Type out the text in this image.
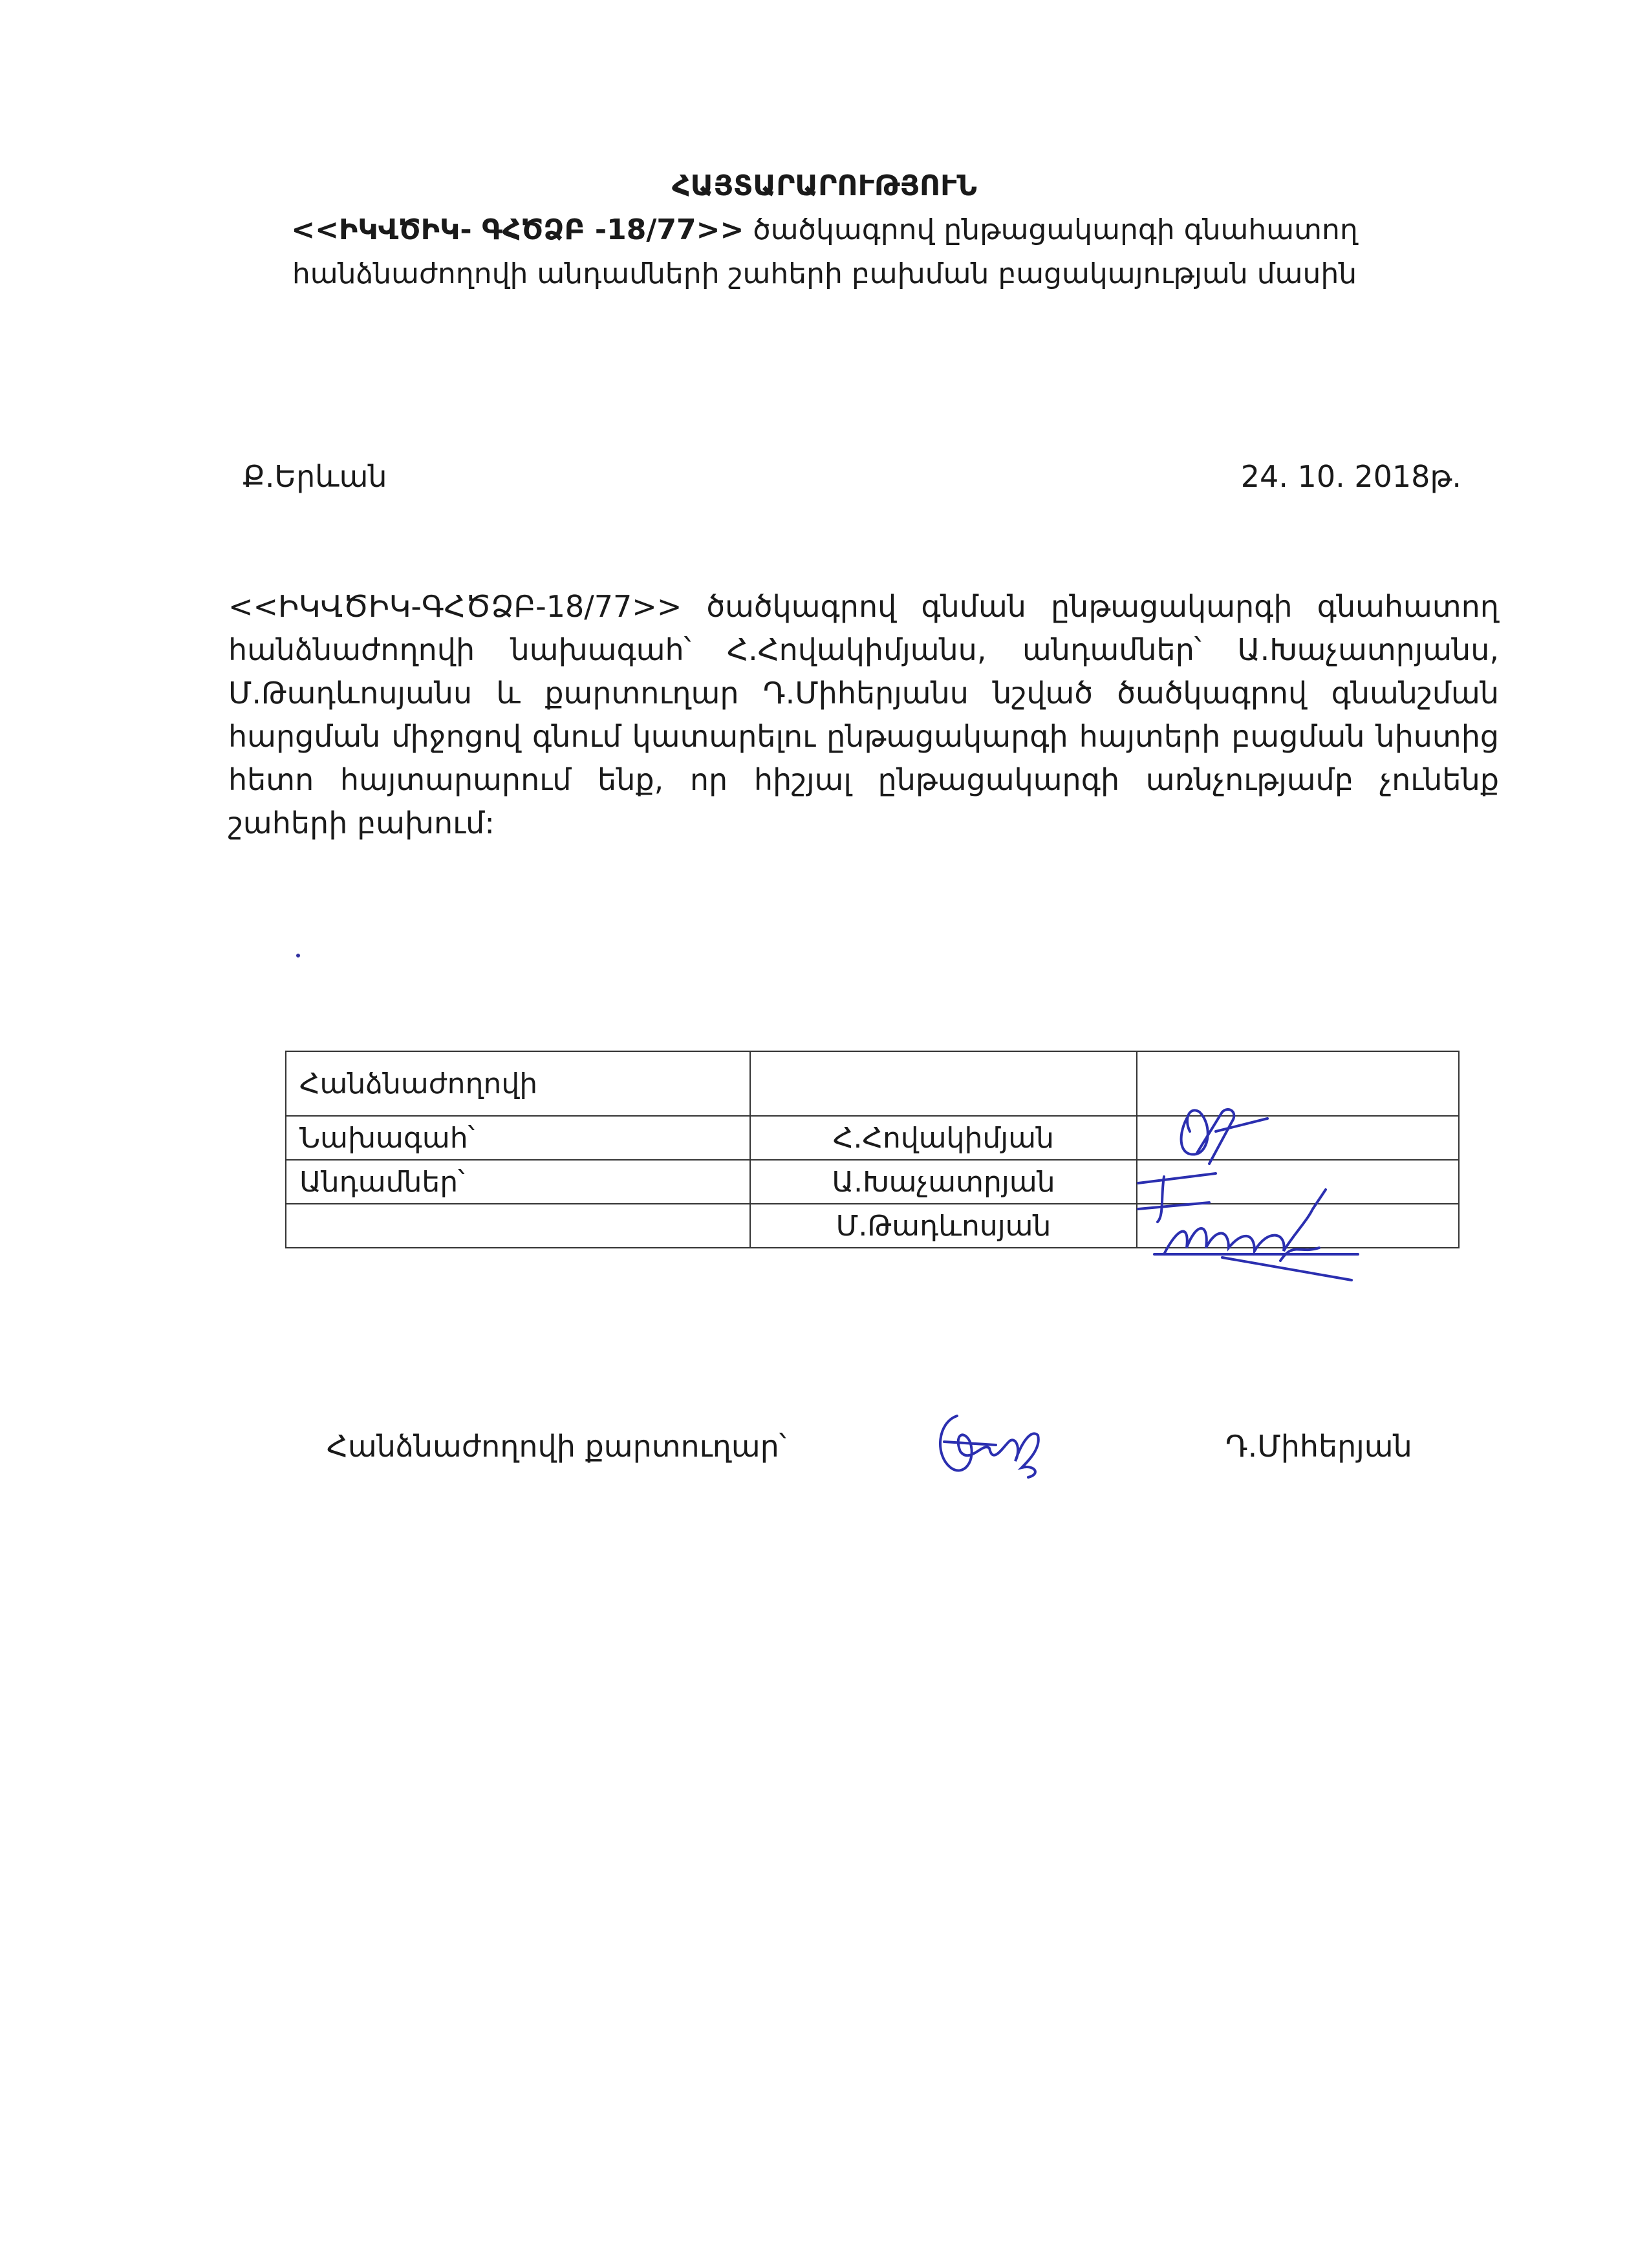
ՀԱՅՏԱՐԱՐՈՒԹՅՈՒՆ
<<ԻԿՎԾԻԿ- ԳՀԾՁԲ -18/77>> ծածկագրով ընթացակարգի գնահատող
հանձնաժողովի անդամների շահերի բախման բացակայության մասին
Ք.Երևան	24. 10. 2018թ.
<<ԻԿՎԾԻԿ-ԳՀԾՁԲ-18/77>> ծածկագրով գնման ընթացակարգի գնահատող հանձնաժողովի նախագահ՝ Հ.Հովակիմյանս, անդամներ՝ Ա.Խաչատրյանս, Մ.Թադևոսյանս և քարտուղար Դ.Միհերյանս նշված ծածկագրով գնանշման հարցման միջոցով գնում կատարելու ընթացակարգի հայտերի բացման նիստից հետո հայտարարում ենք, որ հիշյալ ընթացակարգի առնչությամբ չունենք շահերի բախում:
Հանձնաժողովի		
Նախագահ՝	Հ.Հովակիմյան	
Անդամներ՝	Ա.Խաչատրյան	
	Մ.Թադևոսյան	
Հանձնաժողովի քարտուղար՝	Դ.Միհերյան
